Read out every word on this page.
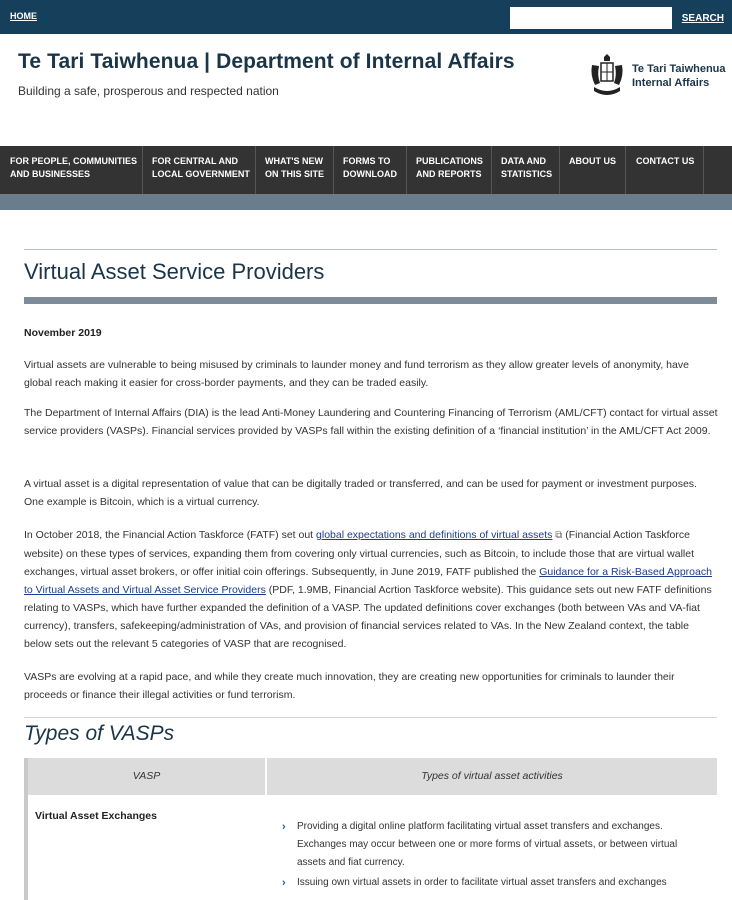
HOME	SEARCH
Te Tari Taiwhenua | Department of Internal Affairs
Building a safe, prosperous and respected nation
Te Tari Taiwhenua
Internal Affairs
FOR PEOPLE, COMMUNITIES
AND BUSINESSES
FOR CENTRAL AND
LOCAL GOVERNMENT
WHAT'S NEW
ON THIS SITE
FORMS TO
DOWNLOAD
PUBLICATIONS
AND REPORTS
DATA AND
STATISTICS
ABOUT US CONTACT US
Virtual Asset Service Providers
November 2019

Virtual assets are vulnerable to being misused by criminals to launder money and fund terrorism as they allow greater levels of anonymity, have global reach making it easier for cross-border payments, and they can be traded easily.

The Department of Internal Affairs (DIA) is the lead Anti-Money Laundering and Countering Financing of Terrorism (AML/CFT) contact for virtual asset service providers (VASPs). Financial services provided by VASPs fall within the existing definition of a ‘financial institution’ in the AML/CFT Act 2009.

A virtual asset is a digital representation of value that can be digitally traded or transferred, and can be used for payment or investment purposes. One example is Bitcoin, which is a virtual currency.

In October 2018, the Financial Action Taskforce (FATF) set out global expectations and definitions of virtual assets ⧉ (Financial Action Taskforce website) on these types of services, expanding them from covering only virtual currencies, such as Bitcoin, to include those that are virtual wallet exchanges, virtual asset brokers, or offer initial coin offerings. Subsequently, in June 2019, FATF published the Guidance for a Risk-Based Approach to Virtual Assets and Virtual Asset Service Providers (PDF, 1.9MB, Financial Acrtion Taskforce website). This guidance sets out new FATF definitions relating to VASPs, which have further expanded the definition of a VASP. The updated definitions cover exchanges (both between VAs and VA-fiat currency), transfers, safekeeping/administration of VAs, and provision of financial services related to VAs. In the New Zealand context, the table below sets out the relevant 5 categories of VASP that are recognised.

VASPs are evolving at a rapid pace, and while they create much innovation, they are creating new opportunities for criminals to launder their proceeds or finance their illegal activities or fund terrorism.

Types of VASPs
VASP	Types of virtual asset activities
Virtual Asset Exchanges
›	Providing a digital online platform facilitating virtual asset transfers and exchanges. Exchanges may occur between one or more forms of virtual assets, or between virtual assets and fiat currency.
›	Issuing own virtual assets in order to facilitate virtual asset transfers and exchanges
